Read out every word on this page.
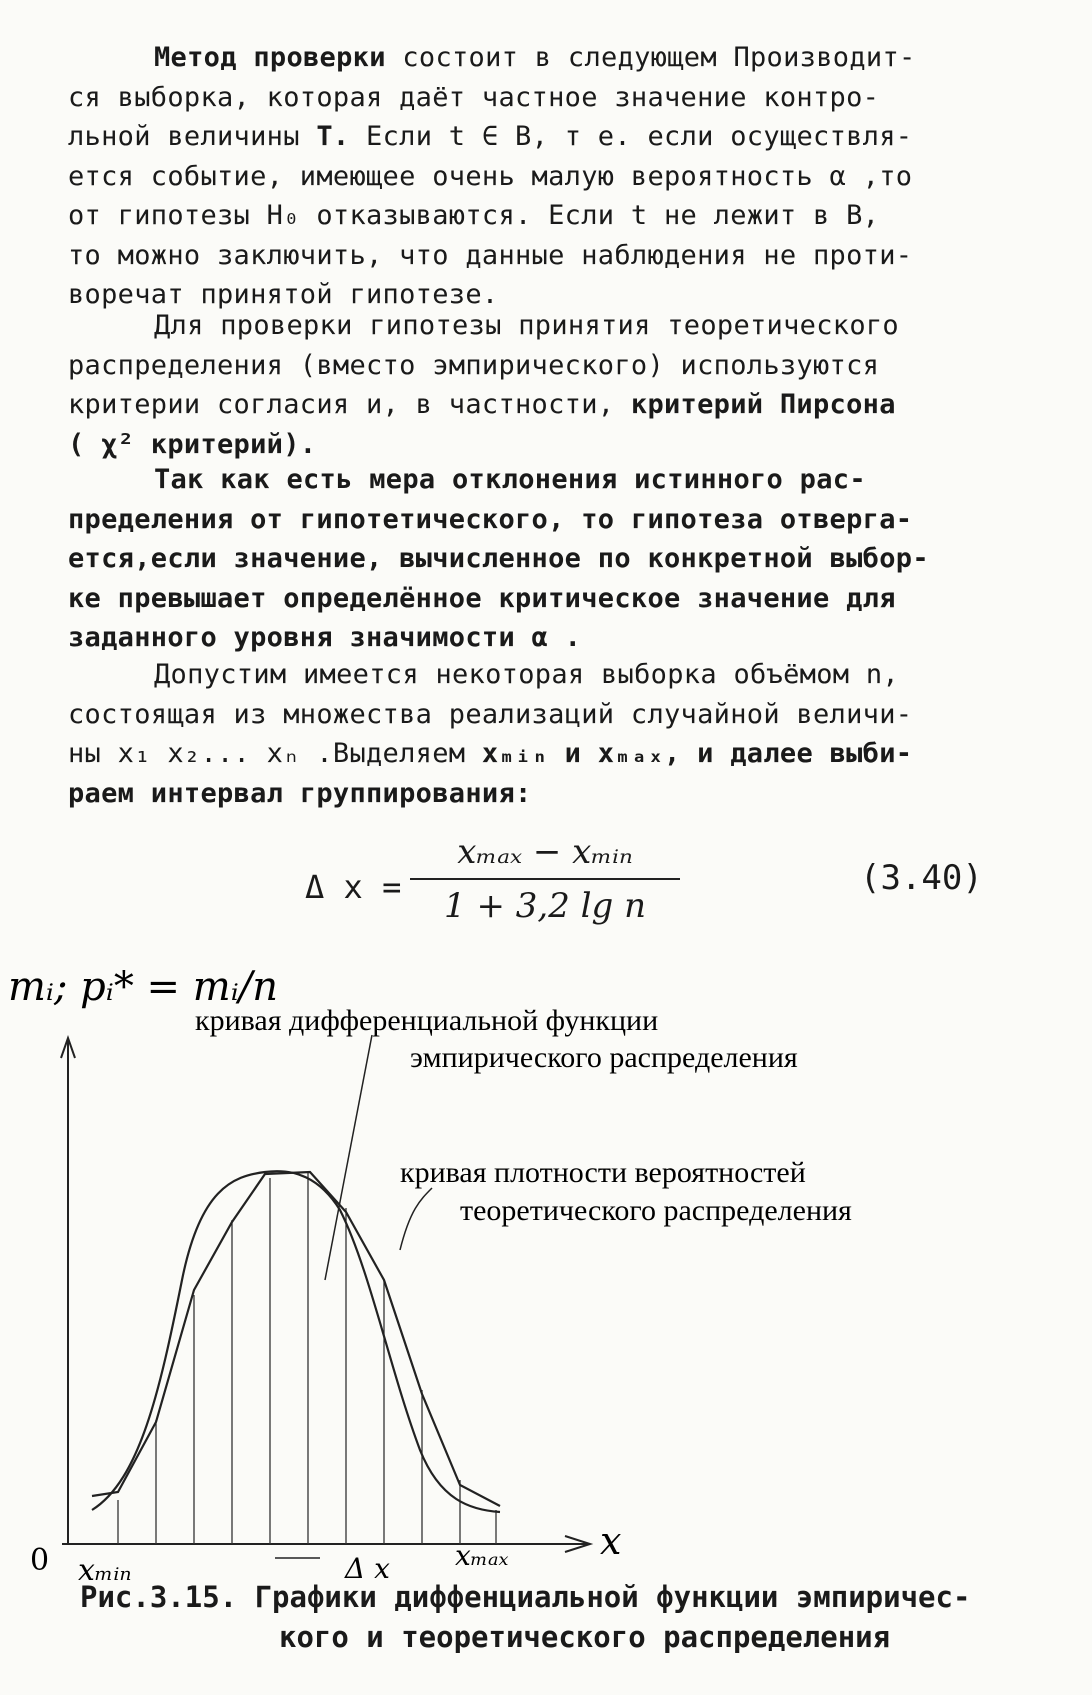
Метод проверки состоит в следующем Производит-
ся выборка, которая даёт частное значение контро-
льной величины Т. Если t ∈ B, т е. если осуществля-
ется событие, имеющее очень малую вероятность α ,то
от гипотезы H₀ отказываются. Если t не лежит в B,
то можно заключить, что данные наблюдения не проти-
воречат принятой гипотезе.
Для проверки гипотезы принятия теоретического
распределения (вместо эмпирического) используются
критерии согласия и, в частности, критерий Пирсона
( χ² критерий).
Так как есть мера отклонения истинного рас-
пределения от гипотетического, то гипотеза отверга-
ется,если значение, вычисленное по конкретной выбор-
ке превышает определённое критическое значение для
заданного уровня значимости α .
Допустим имеется некоторая выборка объёмом n,
состоящая из множества реализаций случайной величи-
ны x₁ x₂... xₙ .Выделяем xₘᵢₙ и xₘₐₓ, и далее выби-
раем интервал группирования:
Δ x =
xₘₐₓ − xₘᵢₙ
1 + 3,2 lg n
(3.40)
mᵢ; pᵢ* = mᵢ/n
x
0
кривая дифференциальной функции
эмпирического распределения
кривая плотности вероятностей
теоретического распределения
xₘᵢₙ	Δ x xₘₐₓ
Рис.3.15. Графики диффенциальной функции эмпиричес-
кого и теоретического распределения
